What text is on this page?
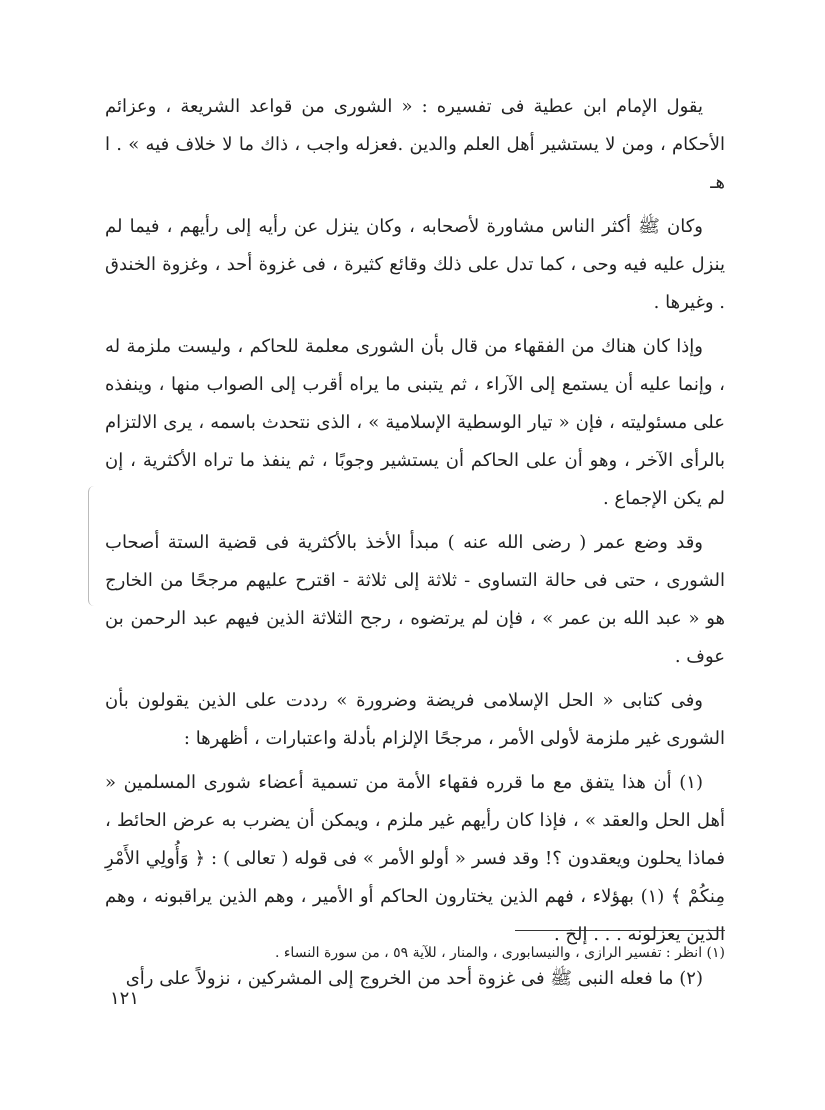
يقول الإمام ابن عطية فى تفسيره : « الشورى من قواعد الشريعة ، وعزائم الأحكام ، ومن لا يستشير أهل العلم والدين .فعزله واجب ، ذاك ما لا خلاف فيه » . ا هـ

وكان ﷺ أكثر الناس مشاورة لأصحابه ، وكان ينزل عن رأيه إلى رأيهم ، فيما لم ينزل عليه فيه وحى ، كما تدل على ذلك وقائع كثيرة ، فى غزوة أحد ، وغزوة الخندق . وغيرها .

وإذا كان هناك من الفقهاء من قال بأن الشورى معلمة للحاكم ، وليست ملزمة له ، وإنما عليه أن يستمع إلى الآراء ، ثم يتبنى ما يراه أقرب إلى الصواب منها ، وينفذه على مسئوليته ، فإن « تيار الوسطية الإسلامية » ، الذى نتحدث باسمه ، يرى الالتزام بالرأى الآخر ، وهو أن على الحاكم أن يستشير وجوبًا ، ثم ينفذ ما تراه الأكثرية ، إن لم يكن الإجماع .

وقد وضع عمر ( رضى الله عنه ) مبدأ الأخذ بالأكثرية فى قضية الستة أصحاب الشورى ، حتى فى حالة التساوى - ثلاثة إلى ثلاثة - اقترح عليهم مرجحًا من الخارج هو « عبد الله بن عمر » ، فإن لم يرتضوه ، رجح الثلاثة الذين فيهم عبد الرحمن بن عوف .

وفى كتابى « الحل الإسلامى فريضة وضرورة » رددت على الذين يقولون بأن الشورى غير ملزمة لأولى الأمر ، مرجحًا الإلزام بأدلة واعتبارات ، أظهرها :

(١) أن هذا يتفق مع ما قرره فقهاء الأمة من تسمية أعضاء شورى المسلمين « أهل الحل والعقد » ، فإذا كان رأيهم غير ملزم ، ويمكن أن يضرب به عرض الحائط ، فماذا يحلون ويعقدون ؟! وقد فسر « أولو الأمر » فى قوله ( تعالى ) : ﴿ وَأُولِي الأَمْرِ مِنكُمْ ﴾ (١) بهؤلاء ، فهم الذين يختارون الحاكم أو الأمير ، وهم الذين يراقبونه ، وهم الذين يعزلونه . . . إلخ .

(٢) ما فعله النبى ﷺ فى غزوة أحد من الخروج إلى المشركين ، نزولاً على رأى

(١) انظر : تفسير الرازى ، والنيسابورى ، والمنار ، للآية ٥٩ ، من سورة النساء .
١٢١
